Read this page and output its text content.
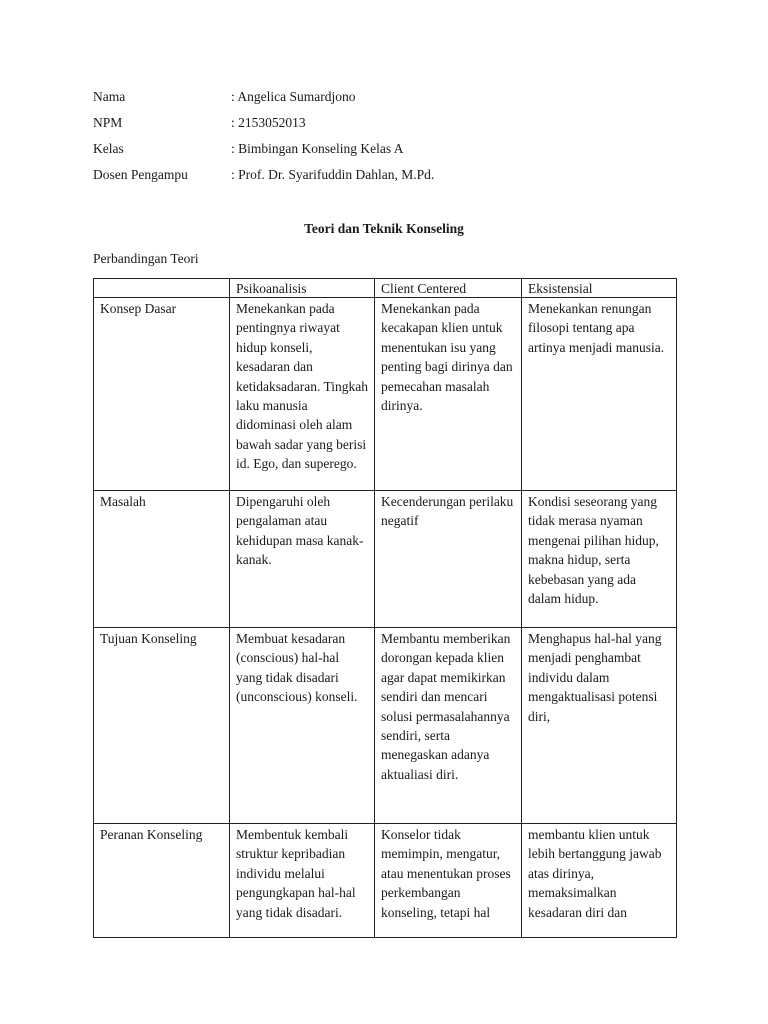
Nama	: Angelica Sumardjono
NPM	: 2153052013
Kelas	: Bimbingan Konseling Kelas A
Dosen Pengampu	: Prof. Dr. Syarifuddin Dahlan, M.Pd.
Teori dan Teknik Konseling
Perbandingan Teori
	Psikoanalisis	Client Centered	Eksistensial
Konsep Dasar	Menekankan pada pentingnya riwayat hidup konseli, kesadaran dan ketidaksadaran. Tingkah laku manusia didominasi oleh alam bawah sadar yang berisi id. Ego, dan superego.	Menekankan pada kecakapan klien untuk menentukan isu yang penting bagi dirinya dan pemecahan masalah dirinya.	Menekankan renungan filosopi tentang apa artinya menjadi manusia.
Masalah	Dipengaruhi oleh pengalaman atau kehidupan masa kanak-kanak.	Kecenderungan perilaku negatif	Kondisi seseorang yang tidak merasa nyaman mengenai pilihan hidup, makna hidup, serta kebebasan yang ada dalam hidup.
Tujuan Konseling	Membuat kesadaran (conscious) hal-hal yang tidak disadari (unconscious) konseli.	Membantu memberikan dorongan kepada klien agar dapat memikirkan sendiri dan mencari solusi permasalahannya sendiri, serta menegaskan adanya aktualiasi diri.	Menghapus hal-hal yang menjadi penghambat individu dalam mengaktualisasi potensi diri,
Peranan Konseling	Membentuk kembali struktur kepribadian individu melalui pengungkapan hal-hal yang tidak disadari.	Konselor tidak memimpin, mengatur, atau menentukan proses perkembangan konseling, tetapi hal	membantu klien untuk lebih bertanggung jawab atas dirinya, memaksimalkan kesadaran diri dan
